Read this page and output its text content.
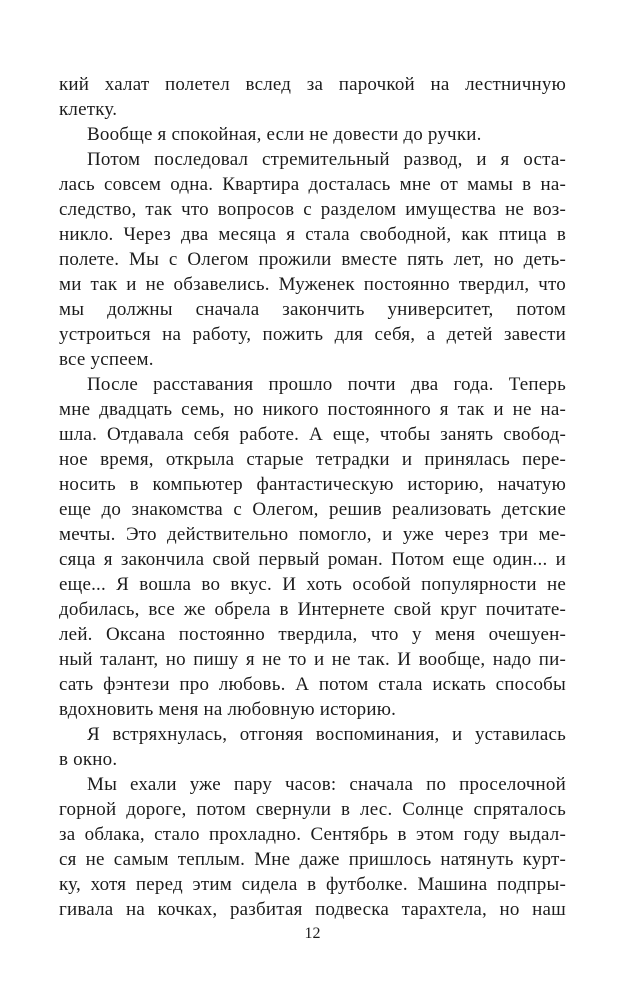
кий халат полетел вслед за парочкой на лестничную
клетку.
Вообще я спокойная, если не довести до ручки.
Потом последовал стремительный развод, и я оста-
лась совсем одна. Квартира досталась мне от мамы в на-
следство, так что вопросов с разделом имущества не воз-
никло. Через два месяца я стала свободной, как птица в
полете. Мы с Олегом прожили вместе пять лет, но деть-
ми так и не обзавелись. Муженек постоянно твердил, что
мы должны сначала закончить университет, потом
устроиться на работу, пожить для себя, а детей завести
все успеем.
После расставания прошло почти два года. Теперь
мне двадцать семь, но никого постоянного я так и не на-
шла. Отдавала себя работе. А еще, чтобы занять свобод-
ное время, открыла старые тетрадки и принялась пере-
носить в компьютер фантастическую историю, начатую
еще до знакомства с Олегом, решив реализовать детские
мечты. Это действительно помогло, и уже через три ме-
сяца я закончила свой первый роман. Потом еще один... и
еще... Я вошла во вкус. И хоть особой популярности не
добилась, все же обрела в Интернете свой круг почитате-
лей. Оксана постоянно твердила, что у меня очешуен-
ный талант, но пишу я не то и не так. И вообще, надо пи-
сать фэнтези про любовь. А потом стала искать способы
вдохновить меня на любовную историю.
Я встряхнулась, отгоняя воспоминания, и уставилась
в окно.
Мы ехали уже пару часов: сначала по проселочной
горной дороге, потом свернули в лес. Солнце спряталось
за облака, стало прохладно. Сентябрь в этом году выдал-
ся не самым теплым. Мне даже пришлось натянуть курт-
ку, хотя перед этим сидела в футболке. Машина подпры-
гивала на кочках, разбитая подвеска тарахтела, но наш
12
